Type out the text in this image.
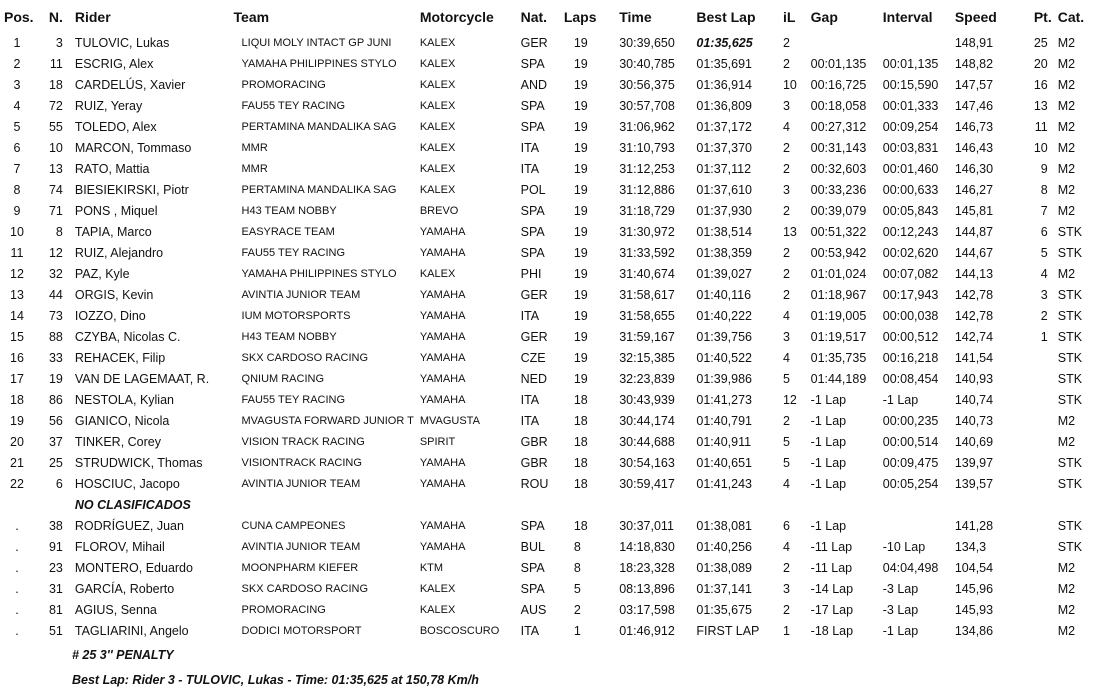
Pos.	N.	Rider	Team	Motorcycle	Nat.	Laps	Time	Best Lap	iL	Gap	Interval	Speed	Pt.	Cat.
1	3	TULOVIC, Lukas	LIQUI MOLY INTACT GP JUNI	KALEX	GER	19	30:39,650	01:35,625	2			148,91	25	M2
2	11	ESCRIG, Alex	YAMAHA PHILIPPINES STYLO	KALEX	SPA	19	30:40,785	01:35,691	2	00:01,135	00:01,135	148,82	20	M2
3	18	CARDELÚS, Xavier	PROMORACING	KALEX	AND	19	30:56,375	01:36,914	10	00:16,725	00:15,590	147,57	16	M2
4	72	RUIZ, Yeray	FAU55 TEY RACING	KALEX	SPA	19	30:57,708	01:36,809	3	00:18,058	00:01,333	147,46	13	M2
5	55	TOLEDO, Alex	PERTAMINA MANDALIKA SAG	KALEX	SPA	19	31:06,962	01:37,172	4	00:27,312	00:09,254	146,73	11	M2
6	10	MARCON, Tommaso	MMR	KALEX	ITA	19	31:10,793	01:37,370	2	00:31,143	00:03,831	146,43	10	M2
7	13	RATO, Mattia	MMR	KALEX	ITA	19	31:12,253	01:37,112	2	00:32,603	00:01,460	146,30	9	M2
8	74	BIESIEKIRSKI, Piotr	PERTAMINA MANDALIKA SAG	KALEX	POL	19	31:12,886	01:37,610	3	00:33,236	00:00,633	146,27	8	M2
9	71	PONS , Miquel	H43 TEAM NOBBY	BREVO	SPA	19	31:18,729	01:37,930	2	00:39,079	00:05,843	145,81	7	M2
10	8	TAPIA, Marco	EASYRACE TEAM	YAMAHA	SPA	19	31:30,972	01:38,514	13	00:51,322	00:12,243	144,87	6	STK
11	12	RUIZ, Alejandro	FAU55 TEY RACING	YAMAHA	SPA	19	31:33,592	01:38,359	2	00:53,942	00:02,620	144,67	5	STK
12	32	PAZ, Kyle	YAMAHA PHILIPPINES STYLO	KALEX	PHI	19	31:40,674	01:39,027	2	01:01,024	00:07,082	144,13	4	M2
13	44	ORGIS, Kevin	AVINTIA JUNIOR TEAM	YAMAHA	GER	19	31:58,617	01:40,116	2	01:18,967	00:17,943	142,78	3	STK
14	73	IOZZO, Dino	IUM MOTORSPORTS	YAMAHA	ITA	19	31:58,655	01:40,222	4	01:19,005	00:00,038	142,78	2	STK
15	88	CZYBA, Nicolas C.	H43 TEAM NOBBY	YAMAHA	GER	19	31:59,167	01:39,756	3	01:19,517	00:00,512	142,74	1	STK
16	33	REHACEK, Filip	SKX CARDOSO RACING	YAMAHA	CZE	19	32:15,385	01:40,522	4	01:35,735	00:16,218	141,54		STK
17	19	VAN DE LAGEMAAT, R.	QNIUM RACING	YAMAHA	NED	19	32:23,839	01:39,986	5	01:44,189	00:08,454	140,93		STK
18	86	NESTOLA, Kylian	FAU55 TEY RACING	YAMAHA	ITA	18	30:43,939	01:41,273	12	-1 Lap	-1 Lap	140,74		STK
19	56	GIANICO, Nicola	MVAGUSTA FORWARD JUNIOR T	MVAGUSTA	ITA	18	30:44,174	01:40,791	2	-1 Lap	00:00,235	140,73		M2
20	37	TINKER, Corey	VISION TRACK RACING	SPIRIT	GBR	18	30:44,688	01:40,911	5	-1 Lap	00:00,514	140,69		M2
21	25	STRUDWICK, Thomas	VISIONTRACK RACING	YAMAHA	GBR	18	30:54,163	01:40,651	5	-1 Lap	00:09,475	139,97		STK
22	6	HOSCIUC, Jacopo	AVINTIA JUNIOR TEAM	YAMAHA	ROU	18	30:59,417	01:41,243	4	-1 Lap	00:05,254	139,57		STK
		NO CLASIFICADOS												
.	38	RODRÍGUEZ, Juan	CUNA CAMPEONES	YAMAHA	SPA	18	30:37,011	01:38,081	6	-1 Lap		141,28		STK
.	91	FLOROV, Mihail	AVINTIA JUNIOR TEAM	YAMAHA	BUL	8	14:18,830	01:40,256	4	-11 Lap	-10 Lap	134,3		STK
.	23	MONTERO, Eduardo	MOONPHARM KIEFER	KTM	SPA	8	18:23,328	01:38,089	2	-11 Lap	04:04,498	104,54		M2
.	31	GARCÍA, Roberto	SKX CARDOSO RACING	KALEX	SPA	5	08:13,896	01:37,141	3	-14 Lap	-3 Lap	145,96		M2
.	81	AGIUS, Senna	PROMORACING	KALEX	AUS	2	03:17,598	01:35,675	2	-17 Lap	-3 Lap	145,93		M2
.	51	TAGLIARINI, Angelo	DODICI MOTORSPORT	BOSCOSCURO	ITA	1	01:46,912	FIRST LAP	1	-18 Lap	-1 Lap	134,86		M2
# 25 3'' PENALTY
Best Lap: Rider 3 - TULOVIC, Lukas - Time: 01:35,625 at 150,78 Km/h
